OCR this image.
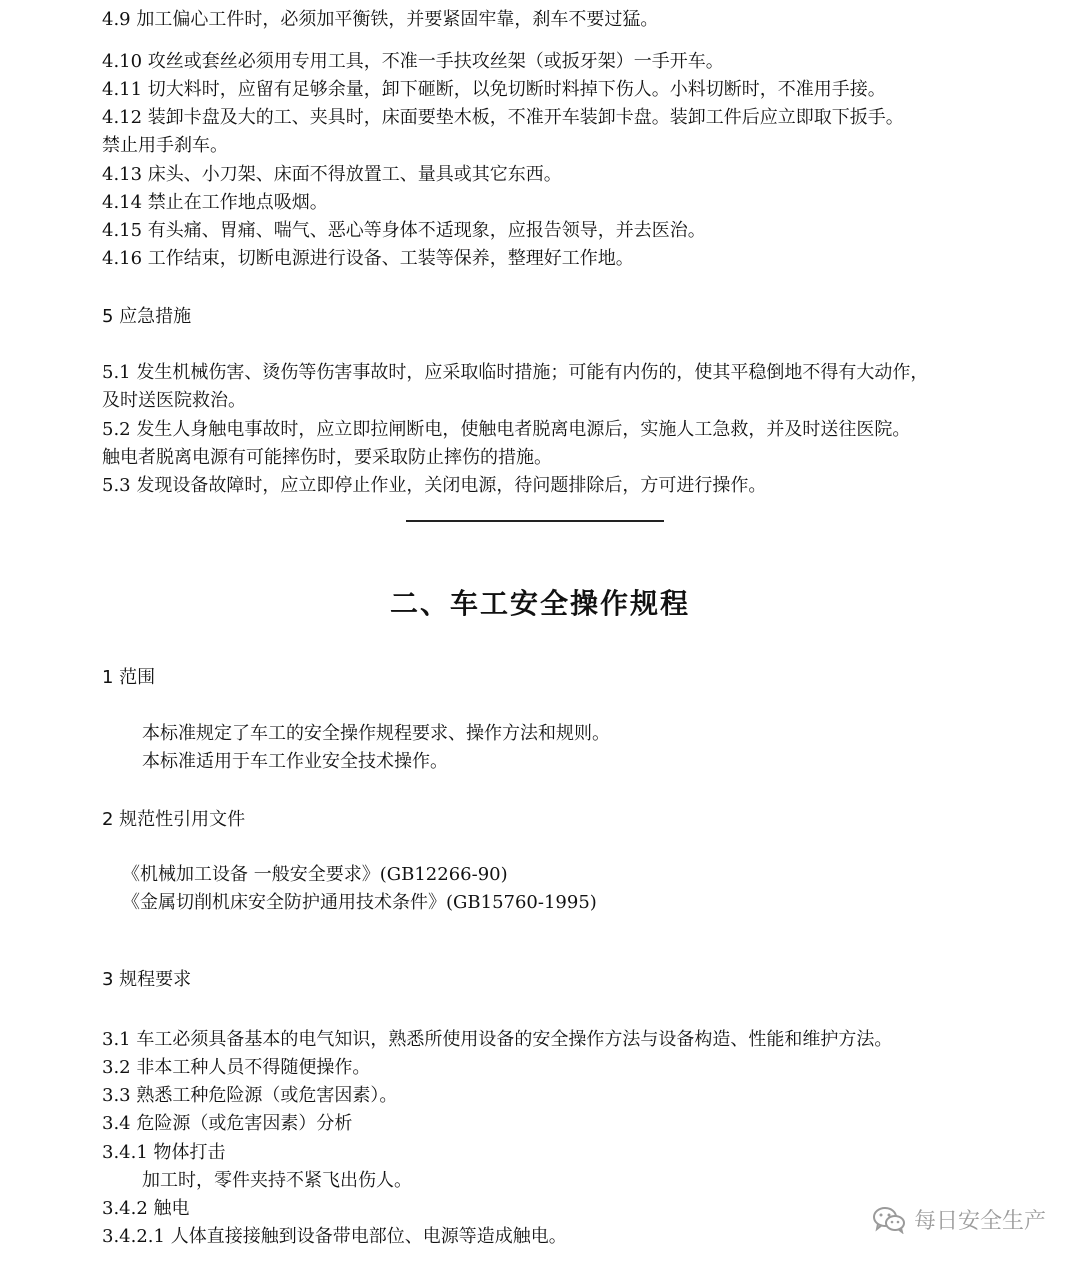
4.9 加工偏心工件时，必须加平衡铁，并要紧固牢靠，刹车不要过猛。
4.10 攻丝或套丝必须用专用工具，不准一手扶攻丝架（或扳牙架）一手开车。
4.11 切大料时，应留有足够余量，卸下砸断，以免切断时料掉下伤人。小料切断时，不准用手接。
4.12 装卸卡盘及大的工、夹具时，床面要垫木板，不准开车装卸卡盘。装卸工件后应立即取下扳手。
禁止用手刹车。
4.13 床头、小刀架、床面不得放置工、量具或其它东西。
4.14 禁止在工作地点吸烟。
4.15 有头痛、胃痛、喘气、恶心等身体不适现象，应报告领导，并去医治。
4.16 工作结束，切断电源进行设备、工装等保养，整理好工作地。
5 应急措施
5.1 发生机械伤害、烫伤等伤害事故时，应采取临时措施；可能有内伤的，使其平稳倒地不得有大动作，
及时送医院救治。
5.2 发生人身触电事故时，应立即拉闸断电，使触电者脱离电源后，实施人工急救，并及时送往医院。
触电者脱离电源有可能摔伤时，要采取防止摔伤的措施。
5.3 发现设备故障时，应立即停止作业，关闭电源，待问题排除后，方可进行操作。
二、车工安全操作规程
1 范围
本标准规定了车工的安全操作规程要求、操作方法和规则。
本标准适用于车工作业安全技术操作。
2 规范性引用文件
《机械加工设备 一般安全要求》(GB12266-90)
《金属切削机床安全防护通用技术条件》(GB15760-1995)
3 规程要求
3.1 车工必须具备基本的电气知识，熟悉所使用设备的安全操作方法与设备构造、性能和维护方法。
3.2 非本工种人员不得随便操作。
3.3 熟悉工种危险源（或危害因素）。
3.4 危险源（或危害因素）分析
3.4.1 物体打击
加工时，零件夹持不紧飞出伤人。
3.4.2 触电
3.4.2.1 人体直接接触到设备带电部位、电源等造成触电。
每日安全生产
